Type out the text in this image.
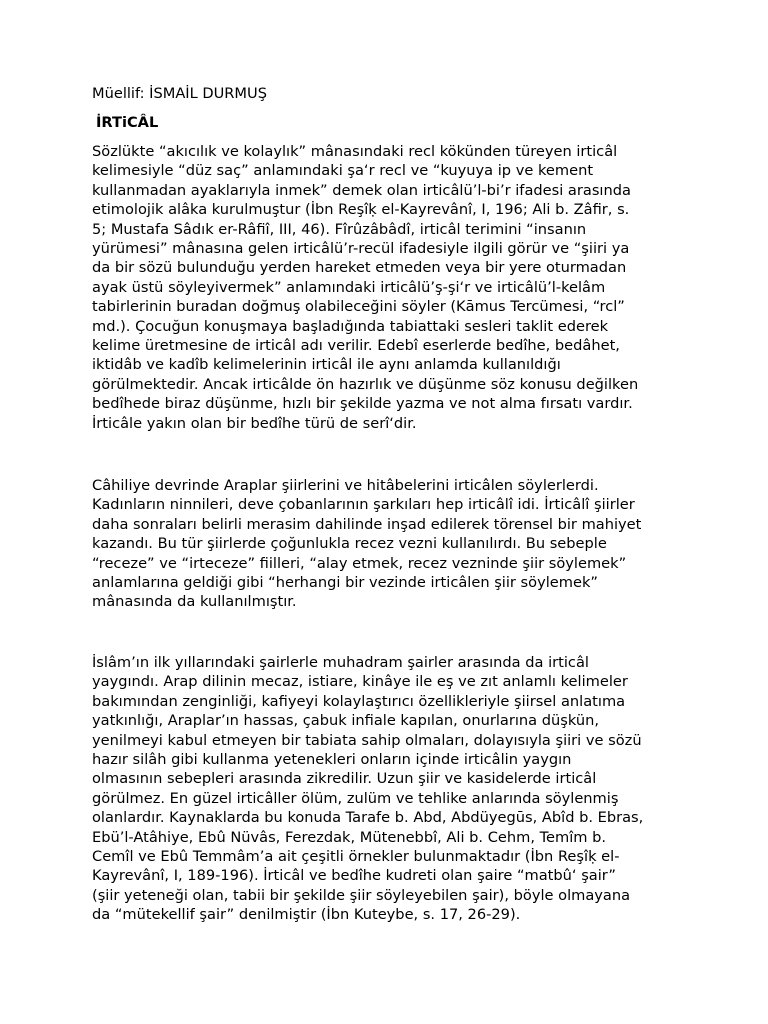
Müellif: İSMAİL DURMUŞ
İRTiCÂL
Sözlükte “akıcılık ve kolaylık” mânasındaki recl kökünden türeyen irticâl
kelimesiyle “düz saç” anlamındaki şa‘r recl ve “kuyuya ip ve kement
kullanmadan ayaklarıyla inmek” demek olan irticâlü’l-bi’r ifadesi arasında
etimolojik alâka kurulmuştur (İbn Reşîḳ el-Kayrevânî, I, 196; Ali b. Zâfir, s.
5; Mustafa Sâdık er-Râfiî, III, 46). Fîrûzâbâdî, irticâl terimini “insanın
yürümesi” mânasına gelen irticâlü’r-recül ifadesiyle ilgili görür ve “şiiri ya
da bir sözü bulunduğu yerden hareket etmeden veya bir yere oturmadan
ayak üstü söyleyivermek” anlamındaki irticâlü’ş-şi‘r ve irticâlü’l-kelâm
tabirlerinin buradan doğmuş olabileceğini söyler (Kāmus Tercümesi, “rcl”
md.). Çocuğun konuşmaya başladığında tabiattaki sesleri taklit ederek
kelime üretmesine de irticâl adı verilir. Edebî eserlerde bedîhe, bedâhet,
iktidâb ve kadîb kelimelerinin irticâl ile aynı anlamda kullanıldığı
görülmektedir. Ancak irticâlde ön hazırlık ve düşünme söz konusu değilken
bedîhede biraz düşünme, hızlı bir şekilde yazma ve not alma fırsatı vardır.
İrticâle yakın olan bir bedîhe türü de serî‘dir.
Câhiliye devrinde Araplar şiirlerini ve hitâbelerini irticâlen söylerlerdi.
Kadınların ninnileri, deve çobanlarının şarkıları hep irticâlî idi. İrticâlî şiirler
daha sonraları belirli merasim dahilinde inşad edilerek törensel bir mahiyet
kazandı. Bu tür şiirlerde çoğunlukla recez vezni kullanılırdı. Bu sebeple
“receze” ve “irteceze” fiilleri, “alay etmek, recez vezninde şiir söylemek”
anlamlarına geldiği gibi “herhangi bir vezinde irticâlen şiir söylemek”
mânasında da kullanılmıştır.
İslâm’ın ilk yıllarındaki şairlerle muhadram şairler arasında da irticâl
yaygındı. Arap dilinin mecaz, istiare, kinâye ile eş ve zıt anlamlı kelimeler
bakımından zenginliği, kafiyeyi kolaylaştırıcı özellikleriyle şiirsel anlatıma
yatkınlığı, Araplar’ın hassas, çabuk infiale kapılan, onurlarına düşkün,
yenilmeyi kabul etmeyen bir tabiata sahip olmaları, dolayısıyla şiiri ve sözü
hazır silâh gibi kullanma yetenekleri onların içinde irticâlin yaygın
olmasının sebepleri arasında zikredilir. Uzun şiir ve kasidelerde irticâl
görülmez. En güzel irticâller ölüm, zulüm ve tehlike anlarında söylenmiş
olanlardır. Kaynaklarda bu konuda Tarafe b. Abd, Abdüyegūs, Abîd b. Ebras,
Ebü’l-Atâhiye, Ebû Nüvâs, Ferezdak, Mütenebbî, Ali b. Cehm, Temîm b.
Cemîl ve Ebû Temmâm’a ait çeşitli örnekler bulunmaktadır (İbn Reşîḳ el-
Kayrevânî, I, 189-196). İrticâl ve bedîhe kudreti olan şaire “matbû‘ şair”
(şiir yeteneği olan, tabii bir şekilde şiir söyleyebilen şair), böyle olmayana
da “mütekellif şair” denilmiştir (İbn Kuteybe, s. 17, 26-29).
